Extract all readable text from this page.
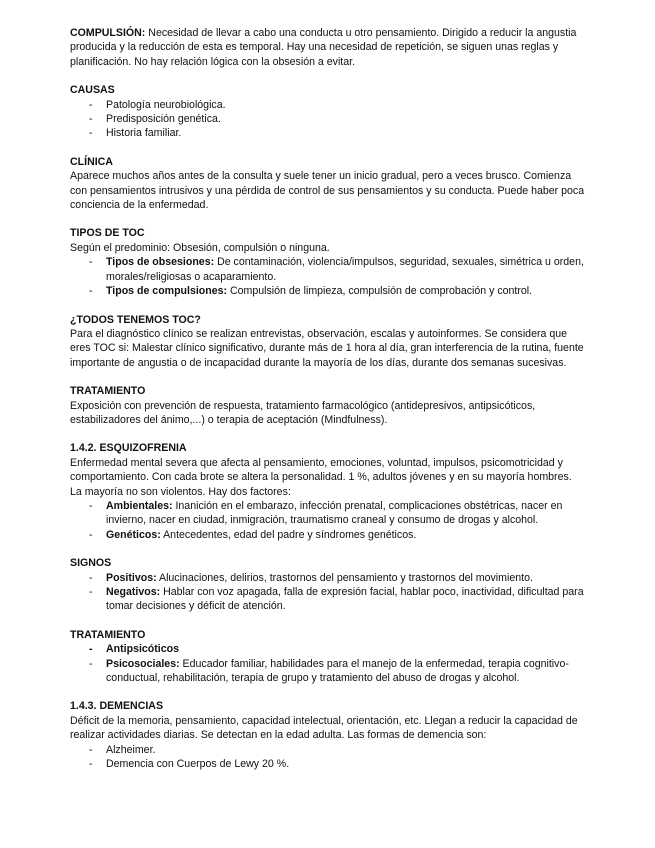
COMPULSIÓN: Necesidad de llevar a cabo una conducta u otro pensamiento. Dirigido a reducir la angustia producida y la reducción de esta es temporal. Hay una necesidad de repetición, se siguen unas reglas y planificación. No hay relación lógica con la obsesión a evitar.

CAUSAS

- Patología neurobiológica.
- Predisposición genética.
- Historia familiar.

CLÍNICA

Aparece muchos años antes de la consulta y suele tener un inicio gradual, pero a veces brusco. Comienza con pensamientos intrusivos y una pérdida de control de sus pensamientos y su conducta. Puede haber poca conciencia de la enfermedad.

TIPOS DE TOC

Según el predominio: Obsesión, compulsión o ninguna.

- Tipos de obsesiones: De contaminación, violencia/impulsos, seguridad, sexuales, simétrica u orden, morales/religiosas o acaparamiento.
- Tipos de compulsiones: Compulsión de limpieza, compulsión de comprobación y control.

¿TODOS TENEMOS TOC?

Para el diagnóstico clínico se realizan entrevistas, observación, escalas y autoinformes. Se considera que eres TOC si: Malestar clínico significativo, durante más de 1 hora al día, gran interferencia de la rutina, fuente importante de angustia o de incapacidad durante la mayoría de los días, durante dos semanas sucesivas.

TRATAMIENTO

Exposición con prevención de respuesta, tratamiento farmacológico (antidepresivos, antipsicóticos, estabilizadores del ánimo,...) o terapia de aceptación (Mindfulness).

1.4.2. ESQUIZOFRENIA

Enfermedad mental severa que afecta al pensamiento, emociones, voluntad, impulsos, psicomotricidad y comportamiento. Con cada brote se altera la personalidad. 1 %, adultos jóvenes y en su mayoría hombres. La mayoría no son violentos. Hay dos factores:

- Ambientales: Inanición en el embarazo, infección prenatal, complicaciones obstétricas, nacer en invierno, nacer en ciudad, inmigración, traumatismo craneal y consumo de drogas y alcohol.
- Genéticos: Antecedentes, edad del padre y síndromes genéticos.

SIGNOS

- Positivos: Alucinaciones, delirios, trastornos del pensamiento y trastornos del movimiento.
- Negativos: Hablar con voz apagada, falla de expresión facial, hablar poco, inactividad, dificultad para tomar decisiones y déficit de atención.

TRATAMIENTO

- Antipsicóticos
- Psicosociales: Educador familiar, habilidades para el manejo de la enfermedad, terapia cognitivo-conductual, rehabilitación, terapia de grupo y tratamiento del abuso de drogas y alcohol.

1.4.3. DEMENCIAS

Déficit de la memoria, pensamiento, capacidad intelectual, orientación, etc. Llegan a reducir la capacidad de realizar actividades diarias. Se detectan en la edad adulta. Las formas de demencia son:

- Alzheimer.
- Demencia con Cuerpos de Lewy 20 %.
